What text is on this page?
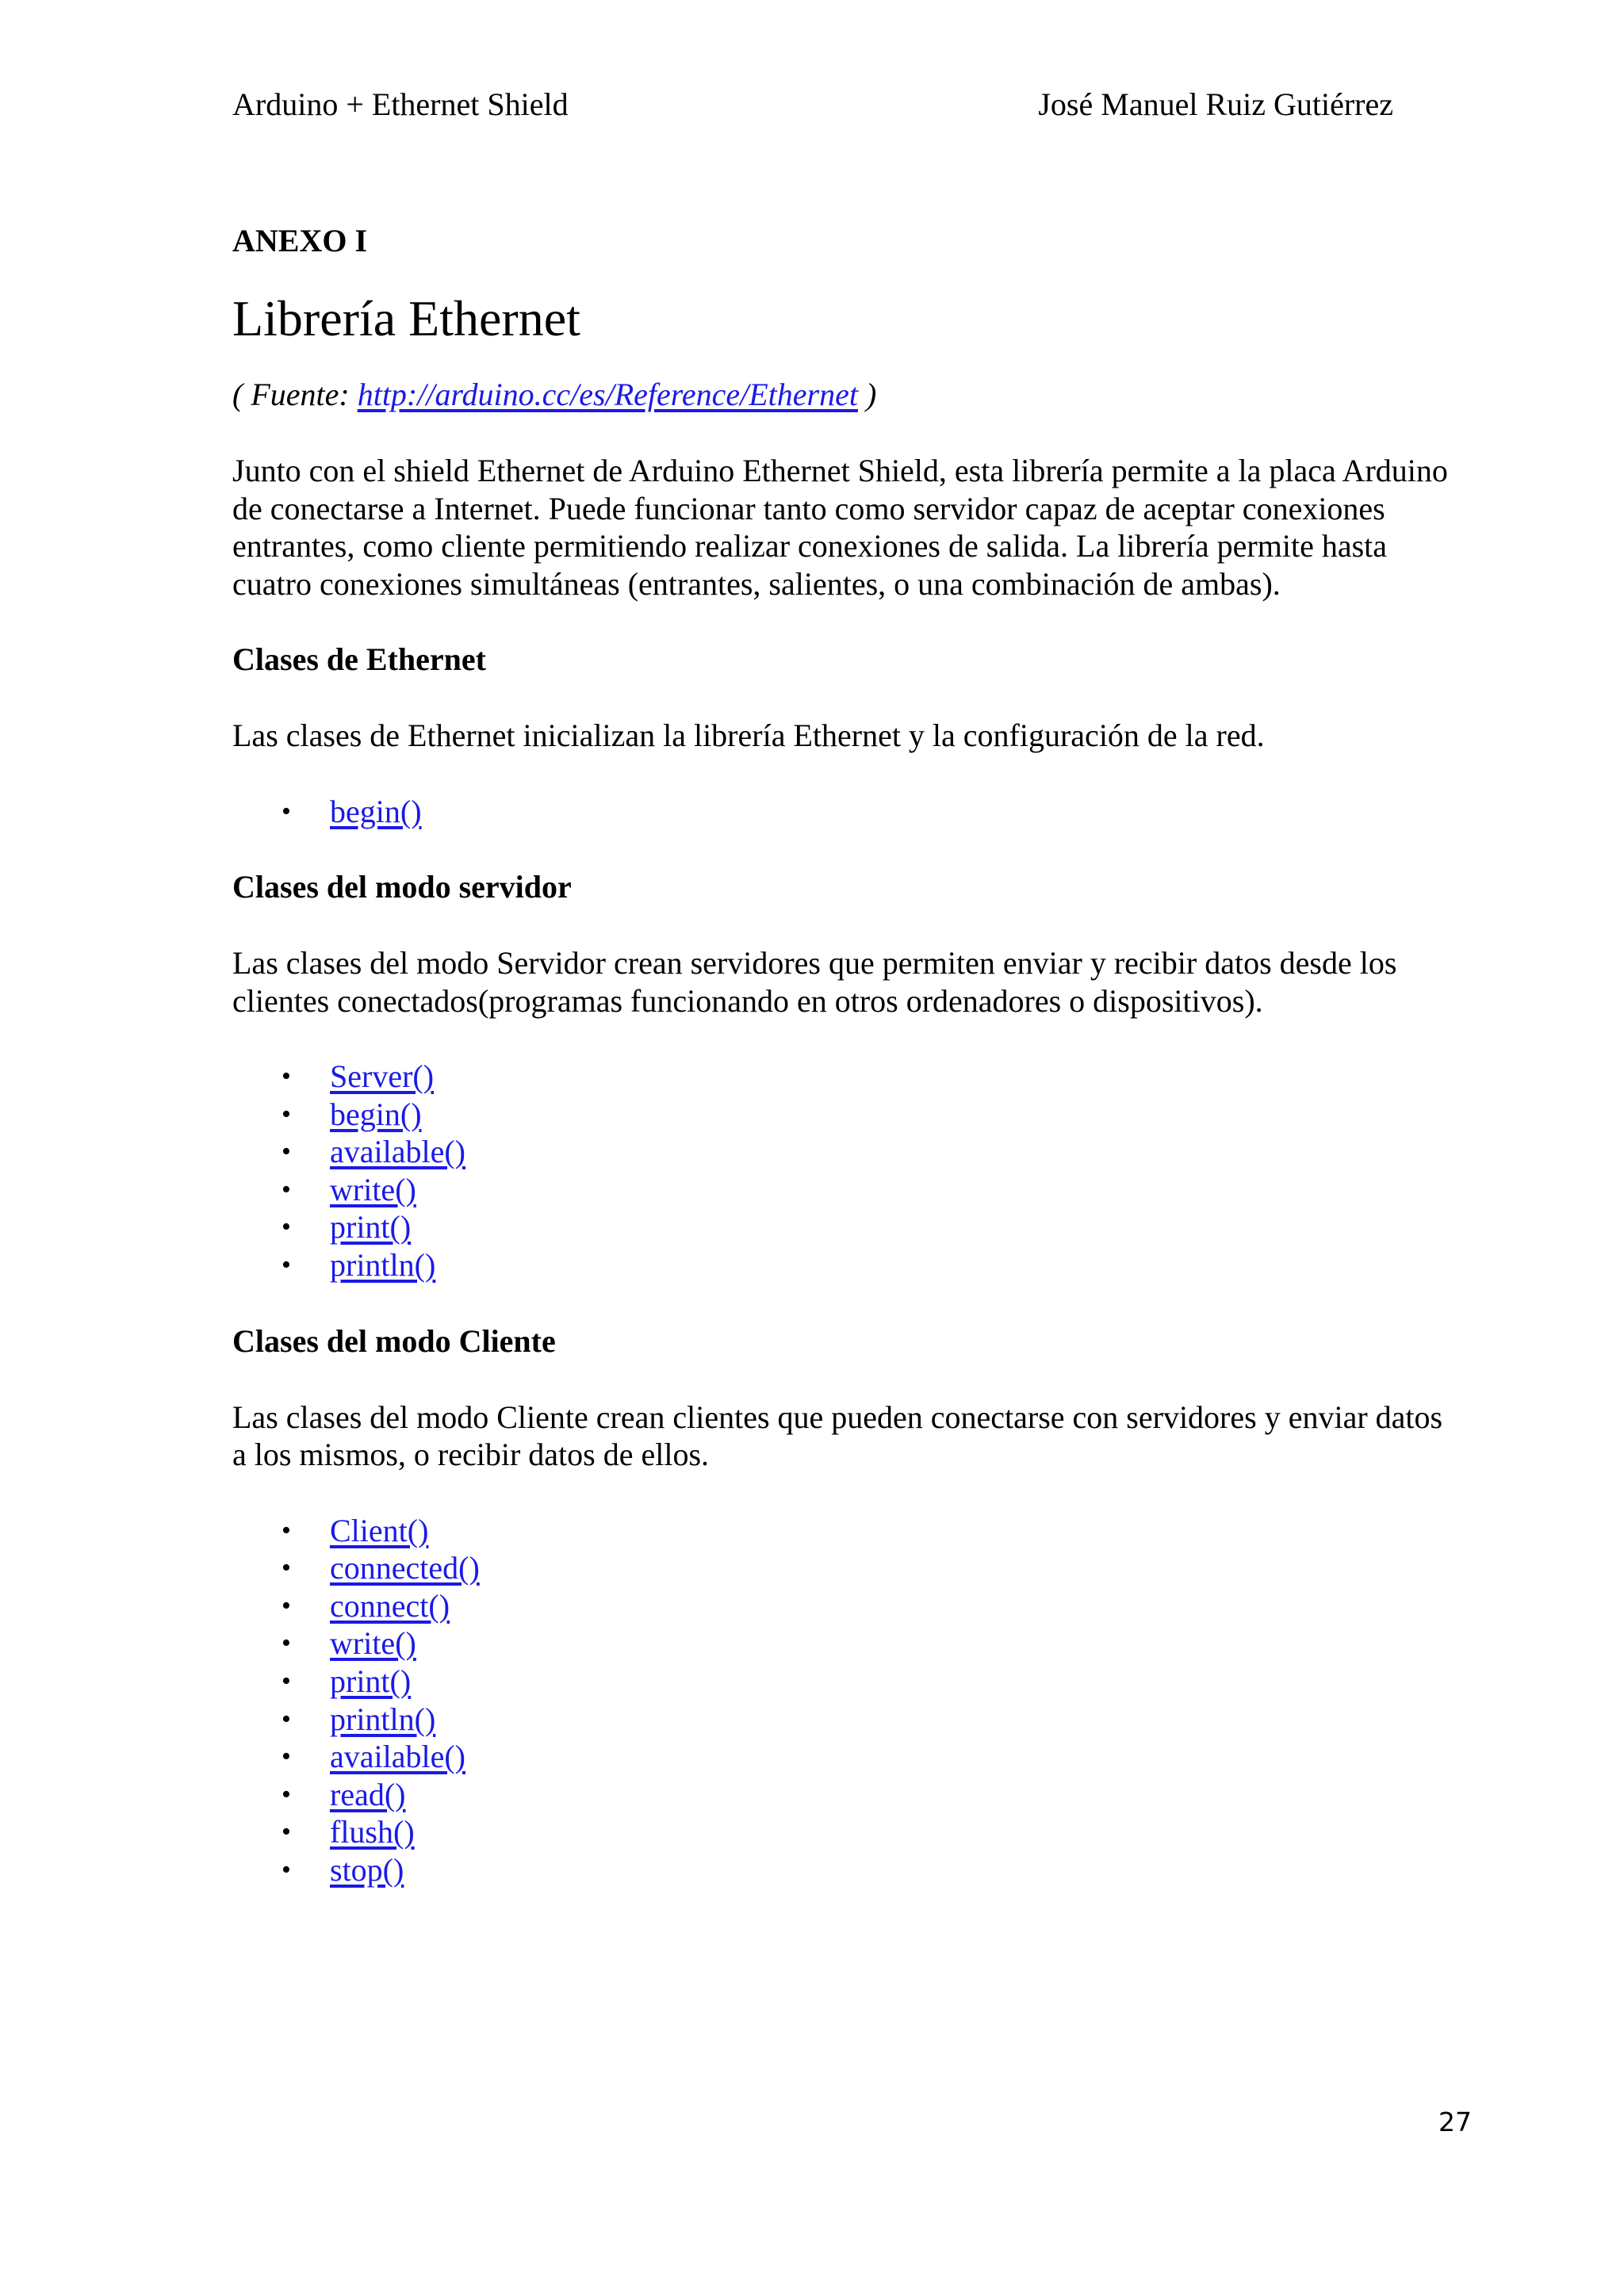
Arduino + Ethernet Shield	José Manuel Ruiz Gutiérrez

ANEXO I

Librería Ethernet

( Fuente: http://arduino.cc/es/Reference/Ethernet )

Junto con el shield Ethernet de Arduino Ethernet Shield, esta librería permite a la placa Arduino de conectarse a Internet. Puede funcionar tanto como servidor capaz de aceptar conexiones entrantes, como cliente permitiendo realizar conexiones de salida. La librería permite hasta cuatro conexiones simultáneas (entrantes, salientes, o una combinación de ambas).

Clases de Ethernet

Las clases de Ethernet inicializan la librería Ethernet y la configuración de la red.

• begin()
Clases del modo servidor

Las clases del modo Servidor crean servidores que permiten enviar y recibir datos desde los clientes conectados(programas funcionando en otros ordenadores o dispositivos).

• Server()
• begin()
• available()
• write()
• print()
• println()
Clases del modo Cliente

Las clases del modo Cliente crean clientes que pueden conectarse con servidores y enviar datos a los mismos, o recibir datos de ellos.

• Client()
• connected()
• connect()
• write()
• print()
• println()
• available()
• read()
• flush()
• stop()
27
